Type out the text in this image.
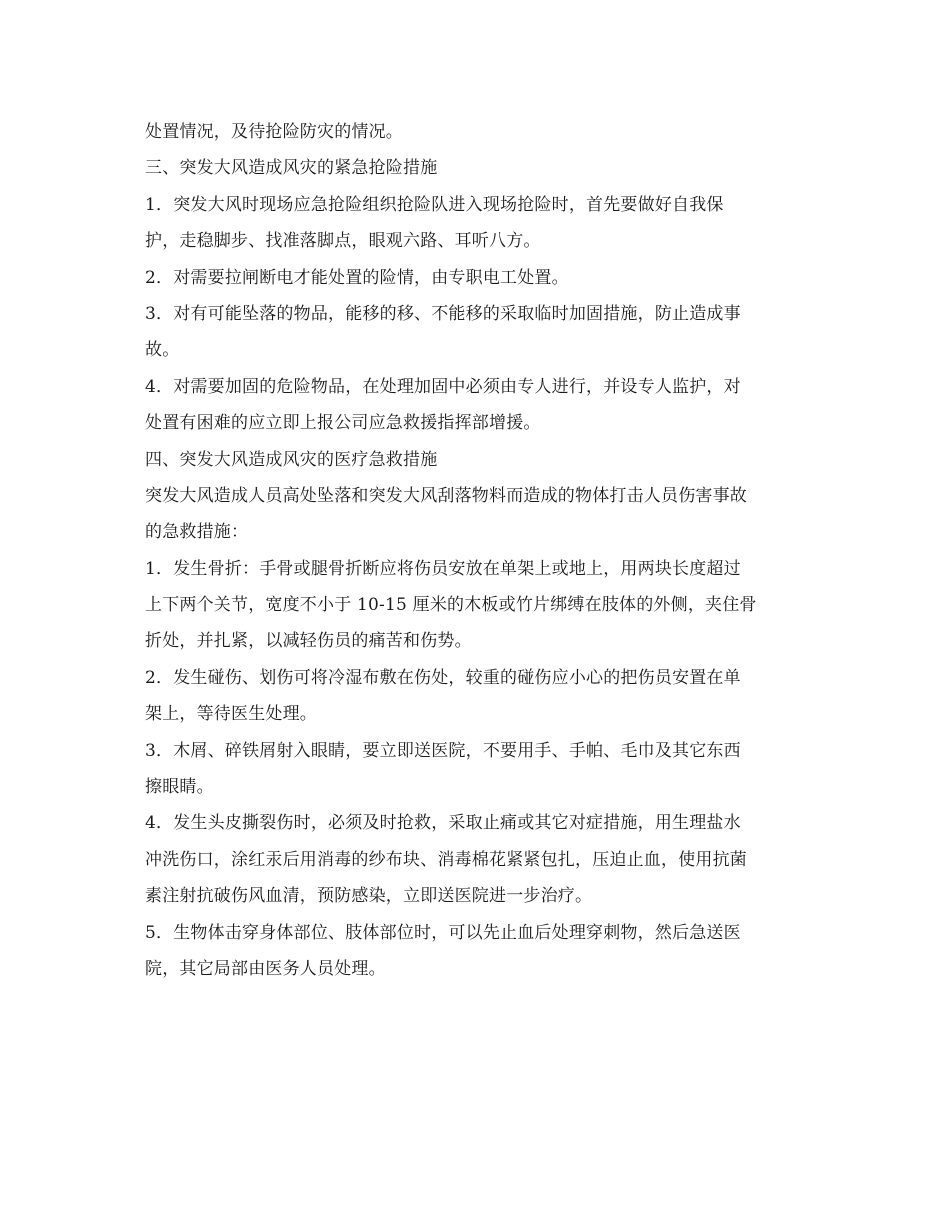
处置情况，及待抢险防灾的情况。
三、突发大风造成风灾的紧急抢险措施
1．突发大风时现场应急抢险组织抢险队进入现场抢险时，首先要做好自我保
护，走稳脚步、找准落脚点，眼观六路、耳听八方。
2．对需要拉闸断电才能处置的险情，由专职电工处置。
3．对有可能坠落的物品，能移的移、不能移的采取临时加固措施，防止造成事
故。
4．对需要加固的危险物品，在处理加固中必须由专人进行，并设专人监护，对
处置有困难的应立即上报公司应急救援指挥部增援。
四、突发大风造成风灾的医疗急救措施
突发大风造成人员高处坠落和突发大风刮落物料而造成的物体打击人员伤害事故
的急救措施：
1．发生骨折：手骨或腿骨折断应将伤员安放在单架上或地上，用两块长度超过
上下两个关节，宽度不小于 10-15 厘米的木板或竹片绑缚在肢体的外侧，夹住骨
折处，并扎紧，以减轻伤员的痛苦和伤势。
2．发生碰伤、划伤可将冷湿布敷在伤处，较重的碰伤应小心的把伤员安置在单
架上，等待医生处理。
3．木屑、碎铁屑射入眼睛，要立即送医院，不要用手、手帕、毛巾及其它东西
擦眼睛。
4．发生头皮撕裂伤时，必须及时抢救，采取止痛或其它对症措施，用生理盐水
冲洗伤口，涂红汞后用消毒的纱布块、消毒棉花紧紧包扎，压迫止血，使用抗菌
素注射抗破伤风血清，预防感染，立即送医院进一步治疗。
5．生物体击穿身体部位、肢体部位时，可以先止血后处理穿刺物，然后急送医
院，其它局部由医务人员处理。
